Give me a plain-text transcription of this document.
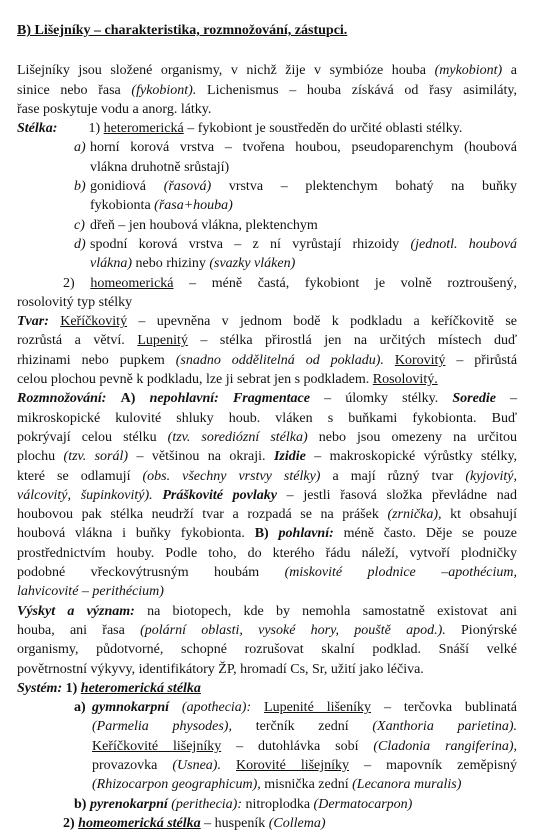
B) Lišejníky – charakteristika, rozmnožování, zástupci.

Lišejníky jsou složené organismy, v nichž žije v symbióze houba (mykobiont) a

sinice nebo řasa (fykobiont). Lichenismus – houba získává od řasy asimiláty,

řase poskytuje vodu a anorg. látky.

Stélka: 1) heteromerická – fykobiont je soustředěn do určité oblasti stélky.

a) horní korová vrstva – tvořena houbou, pseudoparenchym (houbová

vlákna druhotně srůstají)

b) gonidiová (řasová) vrstva – plektenchym bohatý na buňky

fykobionta (řasa+houba)

c) dřeň – jen houbová vlákna, plektenchym

d) spodní korová vrstva – z ní vyrůstají rhizoidy (jednotl. houbová

vlákna) nebo rhiziny (svazky vláken)

2) homeomerická – méně častá, fykobiont je volně roztroušený,

rosolovitý typ stélky

Tvar: Keříčkovitý – upevněna v jednom bodě k podkladu a keříčkovitě se

rozrůstá a větví. Lupenitý – stélka přirostlá jen na určitých místech duď

rhizinami nebo pupkem (snadno oddělitelná od pokladu). Korovitý – přirůstá

celou plochou pevně k podkladu, lze ji sebrat jen s podkladem. Rosolovitý.

Rozmnožování: A) nepohlavní: Fragmentace – úlomky stélky. Soredie –

mikroskopické kulovité shluky houb. vláken s buňkami fykobionta. Buď

pokrývají celou stélku (tzv. sorediózní stélka) nebo jsou omezeny na určitou

plochu (tzv. sorál) – většinou na okraji. Izidie – makroskopické výrůstky stélky,

které se odlamují (obs. všechny vrstvy stélky) a mají různý tvar (kyjovitý,

válcovitý, šupinkovitý). Práškovité povlaky – jestli řasová složka převládne nad

houbovou pak stélka neudrží tvar a rozpadá se na prášek (zrnička), kt obsahují

houbová vlákna i buňky fykobionta. B) pohlavní: méně často. Děje se pouze

prostřednictvím houby. Podle toho, do kterého řádu náleží, vytvoří plodničky

podobné vřeckovýtrusným houbám (miskovité plodnice –apothécium,

lahvicovité – perithécium)

Výskyt a význam: na biotopech, kde by nemohla samostatně existovat ani

houba, ani řasa (polární oblasti, vysoké hory, pouště apod.). Pionýrské

organismy, půdotvorné, schopné rozrušovat skalní podklad. Snáší velké

povětrnostní výkyvy, identifikátory ŽP, hromadí Cs, Sr, užití jako léčiva.

Systém: 1) heteromerická stélka

a) gymnokarpní (apothecia): Lupenité lišeníky – terčovka bublinatá

(Parmelia physodes), terčník zední (Xanthoria parietina).

Keříčkovité lišejníky – dutohlávka sobí (Cladonia rangiferina),

provazovka (Usnea). Korovité lišejníky – mapovník zeměpisný

(Rhizocarpon geographicum), misnička zední (Lecanora muralis)

b) pyrenokarpní (perithecia): nitroplodka (Dermatocarpon)

2) homeomerická stélka – huspeník (Collema)
